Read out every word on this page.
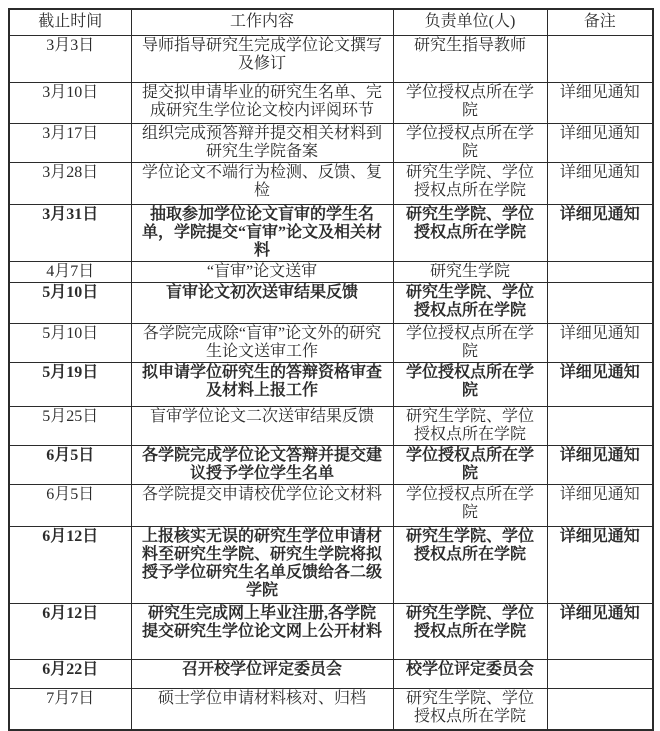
截止时间	工作内容	负责单位(人)	备注
3月3日	导师指导研究生完成学位论文撰写及修订	研究生指导教师	
3月10日	提交拟申请毕业的研究生名单、完成研究生学位论文校内评阅环节	学位授权点所在学院	详细见通知
3月17日	组织完成预答辩并提交相关材料到研究生学院备案	学位授权点所在学院	详细见通知
3月28日	学位论文不端行为检测、反馈、复检	研究生学院、学位授权点所在学院	详细见通知
3月31日	抽取参加学位论文盲审的学生名单，学院提交“盲审”论文及相关材料	研究生学院、学位授权点所在学院	详细见通知
4月7日	“盲审”论文送审	研究生学院	
5月10日	盲审论文初次送审结果反馈	研究生学院、学位授权点所在学院	
5月10日	各学院完成除“盲审”论文外的研究生论文送审工作	学位授权点所在学院	详细见通知
5月19日	拟申请学位研究生的答辩资格审查及材料上报工作	学位授权点所在学院	详细见通知
5月25日	盲审学位论文二次送审结果反馈	研究生学院、学位授权点所在学院	
6月5日	各学院完成学位论文答辩并提交建议授予学位学生名单	学位授权点所在学院	详细见通知
6月5日	各学院提交申请校优学位论文材料	学位授权点所在学院	详细见通知
6月12日	上报核实无误的研究生学位申请材料至研究生学院、研究生学院将拟授予学位研究生名单反馈给各二级学院	研究生学院、学位授权点所在学院	详细见通知
6月12日	研究生完成网上毕业注册,各学院提交研究生学位论文网上公开材料	研究生学院、学位授权点所在学院	详细见通知
6月22日	召开校学位评定委员会	校学位评定委员会	
7月7日	硕士学位申请材料核对、归档	研究生学院、学位授权点所在学院	
